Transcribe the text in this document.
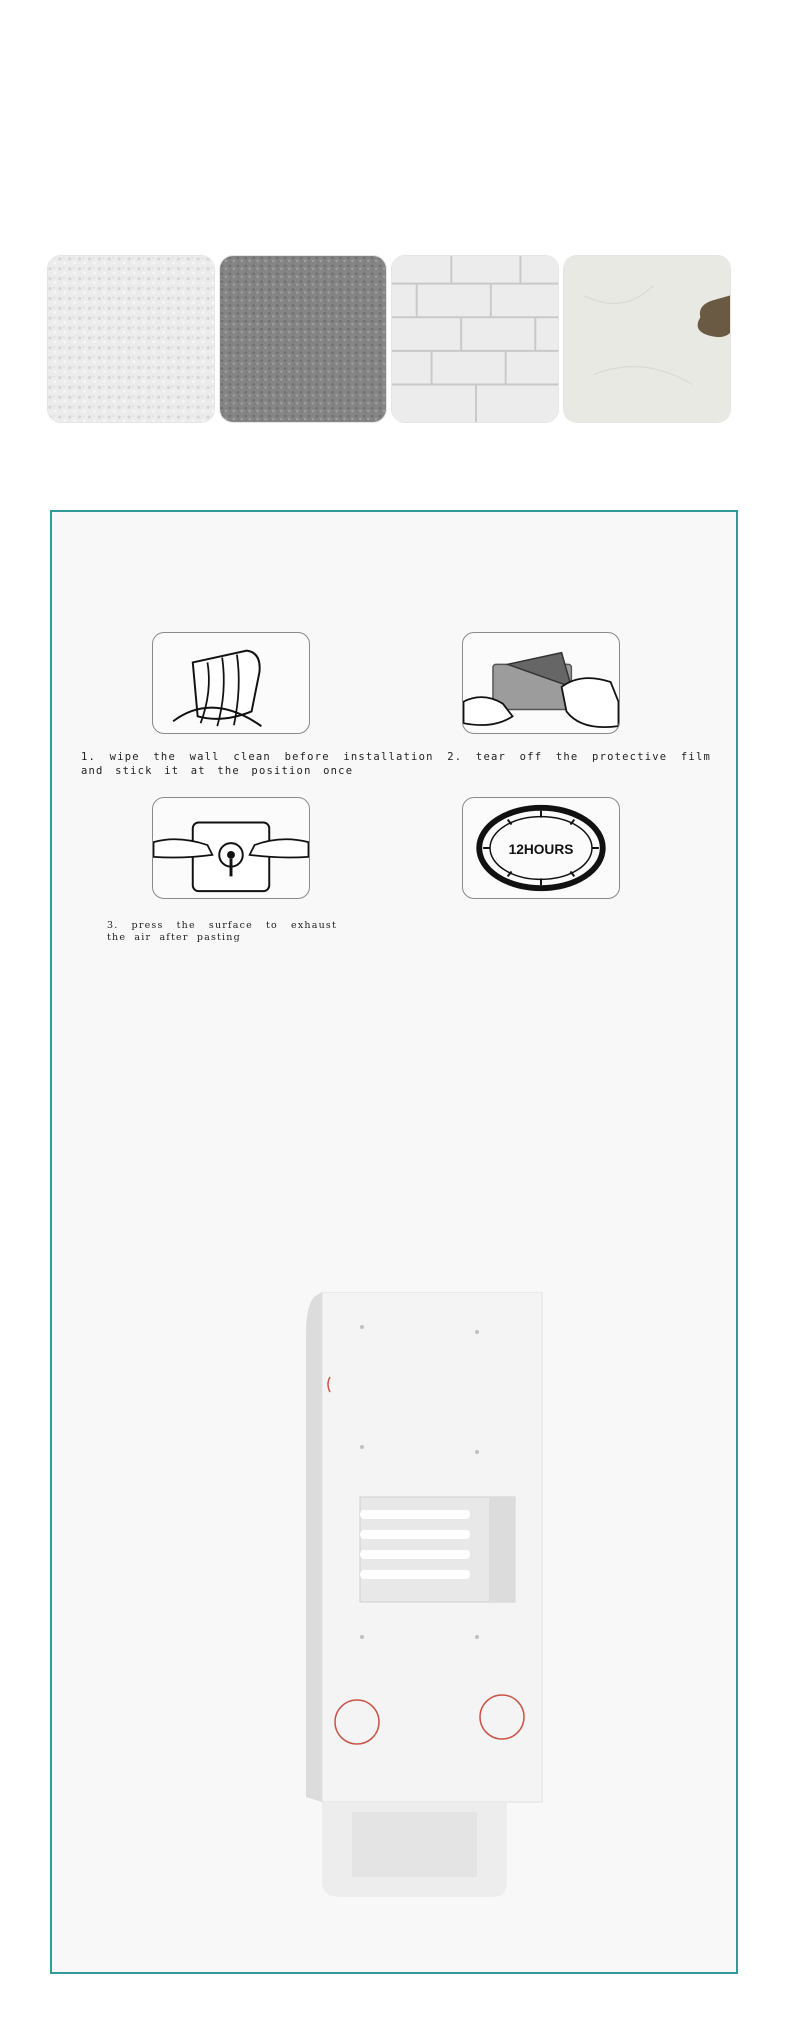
1. wipe the wall clean before installation 2. tear off the protective film and stick it at the position once
12HOURS
3. press the surface to exhaust the air after pasting
